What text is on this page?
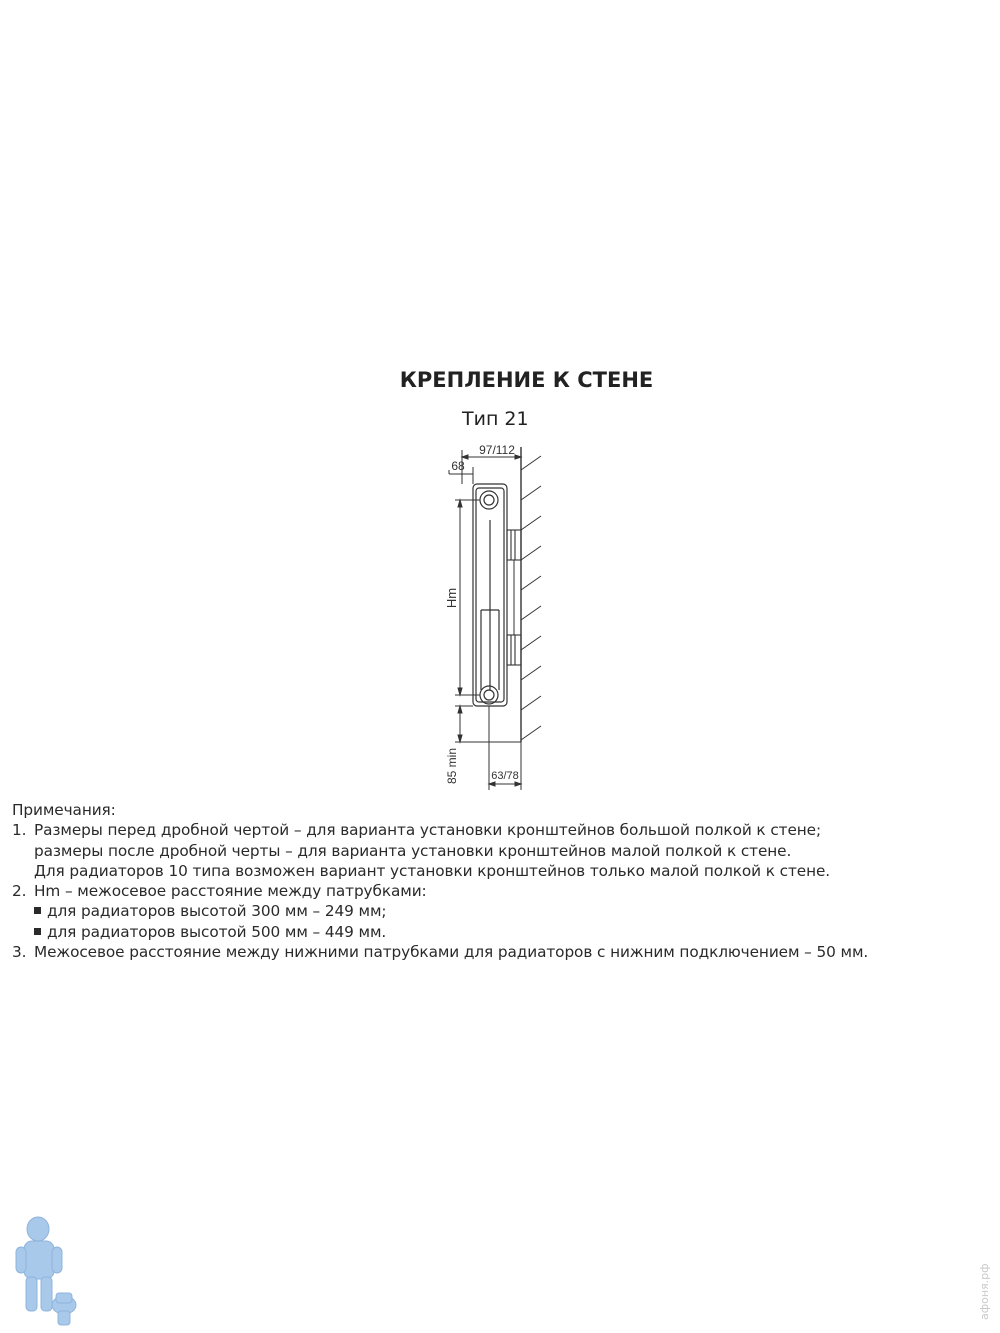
КРЕПЛЕНИЕ К СТЕНЕ
Тип 21
97/112
68
Hm
85 min	63/78
Примечания:
1. Размеры перед дробной чертой – для варианта установки кронштейнов большой полкой к стене;
размеры после дробной черты – для варианта установки кронштейнов малой полкой к стене.
Для радиаторов 10 типа возможен вариант установки кронштейнов только малой полкой к стене.
2. Hm – межосевое расстояние между патрубками:
для радиаторов высотой 300 мм – 249 мм;
для радиаторов высотой 500 мм – 449 мм.
3. Межосевое расстояние между нижними патрубками для радиаторов с нижним подключением – 50 мм.
афоня.рф
